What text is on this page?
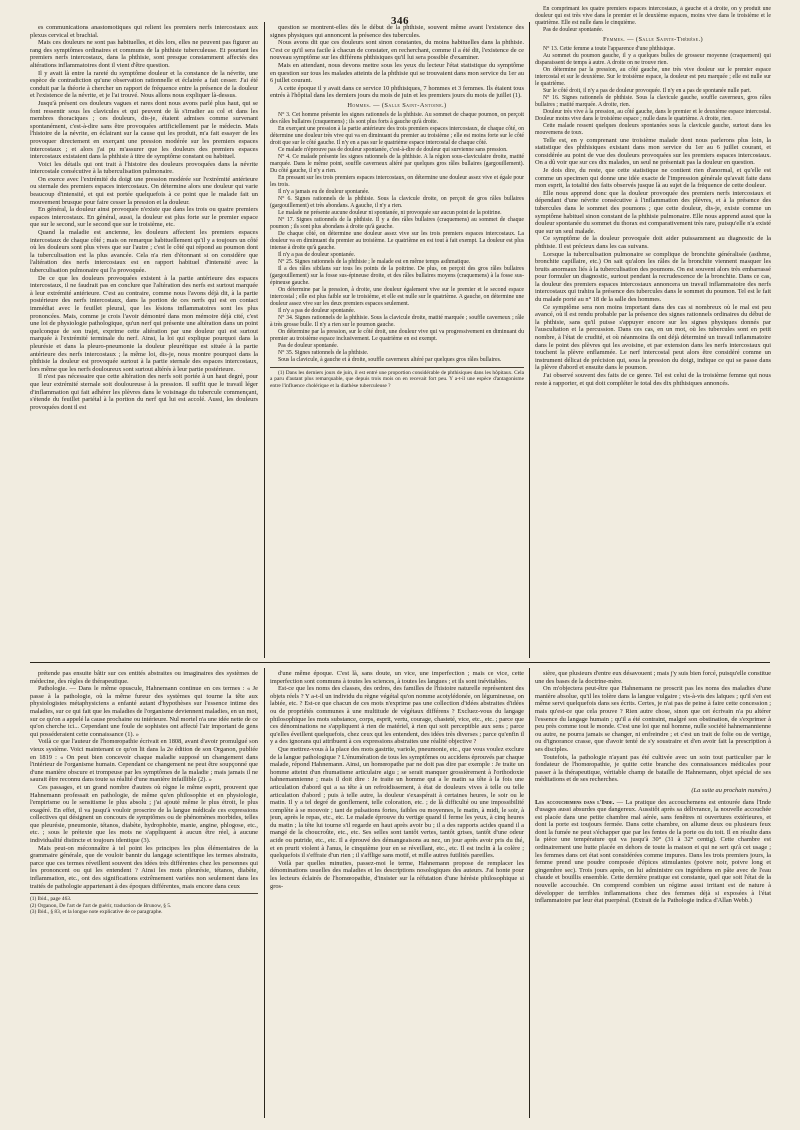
346

es communications anastomotiques qui relient les premiers nerfs intercostaux aux plexus cervical et brachial.

Mais ces douleurs ne sont pas habituelles, et dès lors, elles ne peuvent pas figurer au rang des symptômes ordinaires et communs de la phthisie tuberculeuse. Et pourtant les premiers nerfs intercostaux, dans la phthisie, sont presque constamment affectés des altérations inflammatoires dont il vient d'être question.

Il y avait là entre la rareté du symptôme douleur et la constance de la névrite, une espèce de contradiction qu'une observation rationnelle et éclairée a fait cesser. J'ai été conduit par la théorie à chercher un rapport de fréquence entre la présence de la douleur et l'existence de la névrite, et je l'ai trouvé. Nous allons nous expliquer là-dessus.

Jusqu'à présent ces douleurs vagues et rares dont nous avons parlé plus haut, qui se font ressentir sous les clavicules et qui peuvent de là s'irradier au col et dans les membres thoraciques ; ces douleurs, dis-je, étaient admises comme survenant spontanément, c'est-à-dire sans être provoquées artificiellement par le médecin. Mais l'histoire de la névrite, en éclairant sur la cause qui les produit, m'a fait essayer de les provoquer directement en exerçant une pression modérée sur les premiers espaces intercostaux ; et alors j'ai pu m'assurer que les douleurs des premiers espaces intercostaux existaient dans la phthisie à titre de symptôme constant ou habituel.

Voici les détails qui ont trait à l'histoire des douleurs provoquées dans la névrite intercostale consécutive à la tuberculisation pulmonaire.

On exerce avec l'extrémité du doigt une pression modérée sur l'extrémité antérieure ou sternale des premiers espaces intercostaux. On détermine alors une douleur qui varie beaucoup d'intensité, et qui est portée quelquefois à ce point que le malade fait un mouvement brusque pour faire cesser la pression et la douleur.

En général, la douleur ainsi provoquée n'existe que dans les trois ou quatre premiers espaces intercostaux. En général, aussi, la douleur est plus forte sur le premier espace que sur le second, sur le second que sur le troisième, etc.

Quand la maladie est ancienne, les douleurs affectent les premiers espaces intercostaux de chaque côté ; mais on remarque habituellement qu'il y a toujours un côté où les douleurs sont plus vives que sur l'autre ; c'est le côté qui répond au poumon dont la tuberculisation est la plus avancée. Cela n'a rien d'étonnant si on considère que l'altération des nerfs intercostaux est en rapport habituel d'intensité avec la tuberculisation pulmonaire qui l'a provoquée.

De ce que les douleurs provoquées existent à la partie antérieure des espaces intercostaux, il ne faudrait pas en conclure que l'altération des nerfs est surtout marquée à leur extrémité antérieure. C'est au contraire, comme nous l'avons déjà dit, à la partie postérieure des nerfs intercostaux, dans la portion de ces nerfs qui est en contact immédiat avec le feuillet pleural, que les lésions inflammatoires sont les plus prononcées. Mais, comme je crois l'avoir démontré dans mon mémoire déjà cité, c'est une loi de physiologie pathologique, qu'un nerf qui présente une altération dans un point quelconque de son trajet, exprime cette altération par une douleur qui est surtout marquée à l'extrémité terminale du nerf. Ainsi, la loi qui explique pourquoi dans la pleurésie et dans la pleuro-pneumonie la douleur pleurétique est située à la partie antérieure des nerfs intercostaux ; la même loi, dis-je, nous montre pourquoi dans la phthisie la douleur est provoquée surtout à la partie sternale des espaces intercostaux, lors même que les nerfs douloureux sont surtout altérés à leur partie postérieure.

Il n'est pas nécessaire que cette altération des nerfs soit portée à un haut degré, pour que leur extrémité sternale soit douloureuse à la pression. Il suffit que le travail léger d'inflammation qui fait adhérer les plèvres dans le voisinage du tubercule commençant, s'étende du feuillet pariétal à la portion du nerf qui lui est accolé. Aussi, les douleurs provoquées dont il est

question se montrent-elles dès le début de la phthisie, souvent même avant l'existence des signes physiques qui annoncent la présence des tubercules.

Nous avons dit que ces douleurs sont sinon constantes, du moins habituelles dans la phthisie. C'est ce qu'il sera facile à chacun de constater, en recherchant, comme il a été dit, l'existence de ce nouveau symptôme sur les différens phthisiques qu'il lui sera possible d'examiner.

Mais en attendant, nous devons mettre sous les yeux du lecteur l'état statistique du symptôme en question sur tous les malades atteints de la phthisie qui se trouvaient dans mon service du 1er au 6 juillet courant.

A cette époque il y avait dans ce service 10 phthisiques, 7 hommes et 3 femmes. Ils étaient tous entrés à l'hôpital dans les derniers jours du mois de juin et les premiers jours du mois de juillet (1).

Hommes. — (Salle Saint-Antoine.)

N° 3. Cet homme présente les signes rationnels de la phthisie. Au sommet de chaque poumon, on perçoit des râles bullaires (craquemens) ; ils sont plus forts à gauche qu'à droite.

En exerçant une pression à la partie antérieure des trois premiers espaces intercostaux, de chaque côté, on détermine une douleur très vive qui va en diminuant du premier au troisième ; elle est moins forte sur le côté droit que sur le côté gauche. Il n'y en a pas sur le quatrième espace intercostal de chaque côté.

Ce malade n'éprouve pas de douleur spontanée, c'est-à-dire de douleur qui survienne sans pression.

N° 4. Ce malade présente les signes rationnels de la phthisie. A la région sous-claviculaire droite, matité marquée. Dans le même point, souffle caverneux altéré par quelques gros râles bullaires (gargouillement). Du côté gauche, il n'y a rien.

En pressant sur les trois premiers espaces intercostaux, on détermine une douleur assez vive et égale pour les trois.

Il n'y a jamais eu de douleur spontanée.

N° 6. Signes rationnels de la phthisie. Sous la clavicule droite, on perçoit de gros râles bullaires (gargouillement) et très abondans. A gauche, il n'y a rien.

Le malade ne présente aucune douleur ni spontanée, ni provoquée sur aucun point de la poitrine.

N° 17. Signes rationnels de la phthisie. Il y a des râles bullaires (craquemens) au sommet de chaque poumon ; ils sont plus abondans à droite qu'à gauche.

De chaque côté, on détermine une douleur assez vive sur les trois premiers espaces intercostaux. La douleur va en diminuant du premier au troisième. Le quatrième en est tout à fait exempt. La douleur est plus intense à droite qu'à gauche.

Il n'y a pas de douleur spontanée.

N° 25. Signes rationnels de la phthisie ; le malade est en même temps asthmatique.

Il a des râles sibilans sur tous les points de la poitrine. De plus, on perçoit des gros râles bullaires (gargouillement) sur la fosse sus-épineuse droite, et des râles bullaires moyens (craquemens) à la fosse sus-épineuse gauche.

On détermine par la pression, à droite, une douleur également vive sur le premier et le second espace intercostal ; elle est plus faible sur le troisième, et elle est nulle sur le quatrième. A gauche, on détermine une douleur assez vive sur les deux premiers espaces seulement.

Il n'y a pas de douleur spontanée.

N° 34. Signes rationnels de la phthisie. Sous la clavicule droite, matité marquée ; souffle caverneux ; râle à très grosse bulle. Il n'y a rien sur le poumon gauche.

On détermine par la pression, sur le côté droit, une douleur vive qui va progressivement en diminuant du premier au troisième espace inclusivement. Le quatrième en est exempt.

Pas de douleur spontanée.

N° 35. Signes rationnels de la phthisie.

Sous la clavicule, à gauche et à droite, souffle caverneux altéré par quelques gros râles bullaires.

(1) Dans les derniers jours de juin, il est entré une proportion considérable de phthisiques dans les hôpitaux. Cela a paru d'autant plus remarquable, que depuis trois mois on en recevait fort peu. Y a-t-il une espèce d'antagonisme entre l'influence cholérique et la diathèse tuberculeuse ?

En comprimant les quatre premiers espaces intercostaux, à gauche et à droite, on y produit une douleur qui est très vive dans le premier et le deuxième espaces, moins vive dans le troisième et le quatrième. Elle est nulle dans le cinquième.

Pas de douleur spontanée.

Femmes. — (Salle Sainte-Thérèse.)

N° 13. Cette femme a toute l'apparence d'une phthisique.

Au sommet du poumon gauche, il y a quelques bulles de grosseur moyenne (craquement) qui disparaissent de temps à autre. A droite on ne trouve rien.

On détermine par la pression, au côté gauche, une très vive douleur sur le premier espace intercostal et sur le deuxième. Sur le troisième espace, la douleur est peu marquée ; elle est nulle sur le quatrième.

Sur le côté droit, il n'y a pas de douleur provoquée. Il n'y en a pas de spontanée nulle part.

N° 16. Signes rationnels de phthisie. Sous la clavicule gauche, souffle caverneux, gros râles bullaires ; matité marquée. A droite, rien.

Douleur très vive à la pression, au côté gauche, dans le premier et le deuxième espace intercostal. Douleur moins vive dans le troisième espace ; nulle dans le quatrième. A droite, rien.

Cette malade ressent quelques douleurs spontanées sous la clavicule gauche, surtout dans les mouvemens de toux.

Telle est, en y comprenant une troisième malade dont nous parlerons plus loin, la statistique des phthisiques existant dans mon service du 1er au 6 juillet courant, et considérée au point de vue des douleurs provoquées sur les premiers espaces intercostaux. On a dû voir que sur ces dix malades, un seul ne présentait pas la douleur en question.

Je dois dire, du reste, que cette statistique ne contient rien d'anormal, et qu'elle est comme un specimen qui donne une idée exacte de l'impression générale qu'avait faite dans mon esprit, la totalité des faits observés jusque là au sujet de la fréquence de cette douleur.

Elle nous apprend donc que la douleur provoquée des premiers nerfs intercostaux et dépendant d'une névrite consécutive à l'inflammation des plèvres, et à la présence des tubercules dans le sommet des poumons ; que cette douleur, dis-je, existe comme un symptôme habituel sinon constant de la phthisie pulmonaire. Elle nous apprend aussi que la douleur spontanée du sommet du thorax est comparativement très rare, puisqu'elle n'a existé que sur un seul malade.

Ce symptôme de la douleur provoquée doit aider puissamment au diagnostic de la phthisie. Il est précieux dans les cas suivans.

Lorsque la tuberculisation pulmonaire se complique de bronchite généralisée (asthme, bronchite capillaire, etc.) On sait qu'alors les râles de la bronchite viennent masquer les bruits anormaux liés à la tuberculisation des poumons. On est souvent alors très embarrassé pour formuler un diagnostic, surtout pendant la recrudescence de la bronchite. Dans ce cas, la douleur des premiers espaces intercostaux annoncera un travail inflammatoire des nerfs intercostaux qui trahira la présence des tubercules dans le sommet du poumon. Tel est le fait du malade porté au n° 18 de la salle des hommes.

Ce symptôme sera non moins important dans des cas si nombreux où le mal est peu avancé, où il est rendu probable par la présence des signes rationnels ordinaires du début de la phthisie, sans qu'il puisse s'appuyer encore sur les signes physiques donnés par l'auscultation et la percussion. Dans ces cas, en un mot, où les tubercules sont en petit nombre, à l'état de crudité, et où néanmoins ils ont déjà déterminé un travail inflammatoire dans le point des plèvres qui les avoisine, et par extension dans les nerfs intercostaux qui touchent la plèvre enflammée. Le nerf intercostal peut alors être considéré comme un instrument délicat de précision qui, sous la pression du doigt, indique ce qui se passe dans la plèvre d'abord et ensuite dans le poumon.

J'ai observé souvent des faits de ce genre. Tel est celui de la troisième femme qui nous reste à rapporter, et qui doit compléter le total des dix phthisiques annoncés.

prétende pas ensuite bâtir sur ces entités abstraites ou imaginaires des systèmes de médecine, des règles de thérapeutique.

Pathologie. — Dans le même opuscule, Hahnemann continue en ces termes : « Je passe à la pathologie, où la même fureur des systèmes qui tourne la tête aux physiologistes métaphysiciens a enfanté autant d'hypothèses sur l'essence intime des maladies, sur ce qui fait que les maladies de l'organisme deviennent maladies, en un mot, sur ce qu'on a appelé la cause prochaine ou intérieure. Nul mortel n'a une idée nette de ce qu'on cherche ici... Cependant une foule de sophistes ont affecté l'air important de gens qui posséderaient cette connaissance (1). »

Voilà ce que l'auteur de l'homœopathie écrivait en 1808, avant d'avoir promulgué son vieux système. Voici maintenant ce qu'on lit dans la 2e édition de son Organon, publiée en 1819 : « On peut bien concevoir chaque maladie supposé un changement dans l'intérieur de l'organisme humain. Cependant ce changement ne peut être soupçonné que d'une manière obscure et trompeuse par les symptômes de la maladie ; mais jamais il ne saurait être reconnu dans toute sa réalité d'une manière infaillible (2). »

Ces passages, et un grand nombre d'autres où règne le même esprit, prouvent que Hahnemann professait en pathologie, de même qu'en philosophie et en physiologie, l'empirisme ou le sensitisme le plus absolu ; j'ai ajouté même le plus étroit, le plus exagéré. En effet, il va jusqu'à vouloir proscrire de la langue médicale ces expressions collectives qui désignent un concours de symptômes ou de phénomènes morbides, telles que pleurésie, pneumonie, tétanos, diabète, hydrophobie, manie, angine, phlogose, etc., etc. ; sous le prétexte que les mots ne s'appliquent à aucun être réel, à aucune individualité distincte et toujours identique (3).

Mais peut-on méconnaître à tel point les principes les plus élémentaires de la grammaire générale, que de vouloir bannir du langage scientifique les termes abstraits, parce que ces termes réveillent souvent des idées très différentes chez les personnes qui les prononcent ou qui les entendent ? Ainsi les mots pleurésie, tétanos, diabète, inflammation, etc., ont des significations extrêmement variées non seulement dans les traités de pathologie appartenant à des époques différentes, mais encore dans ceux

(1) Ibid., page 463.
(2) Organon, De l'art de l'art de guérir, traduction de Brunow, § 5.
(3) Ibid., § 83, et la longue note explicative de ce paragraphe.

d'une même époque. C'est là, sans doute, un vice, une imperfection ; mais ce vice, cette imperfection sont communs à toutes les sciences, à toutes les langues ; et ils sont inévitables.

Est-ce que les noms des classes, des ordres, des familles de l'histoire naturelle représentent des objets réels ? Y a-t-il un individu du règne végétal qu'on nomme acotylédonée, on légumineuse, on labiée, etc. ? Est-ce que chacun de ces mots n'exprime pas une collection d'idées abstraites d'idées ou de propriétés communes à une multitude de végétaux différens ? Excluez-vous du langage philosophique les mots substance, corps, esprit, vertu, courage, chasteté, vice, etc., etc. ; parce que ces dénominations ne s'appliquent à rien de matériel, à rien qui soit perceptible aux sens ; parce qu'elles éveillent quelquefois, chez ceux qui les entendent, des idées très diverses ; parce qu'enfin il y a des ignorans qui attribuent à ces expressions abstraites une réalité objective ?

Que mettrez-vous à la place des mots gastrite, variole, pneumonie, etc., que vous voulez exclure de la langue pathologique ? L'énumération de tous les symptômes ou accidens éprouvés par chaque malade, répond Hahnemann. Ainsi, un homœopathe par ne doit pas dire par exemple : Je traite un homme atteint d'un rhumatisme articulaire aigu ; se serait manquer grossièrement à l'orthodoxie hahnemannienne ; mais il doit dire : Je traite un homme qui a le matin sa tête à la fois une articulation d'abord qui a sa tête à un refroidissement, à état de douleurs vives à telle ou telle articulation d'abord ; puis à telle autre, la douleur s'exaspérait à certaines heures, le soir ou le matin. Il y a tel degré de gonflement, telle coloration, etc. ; de là difficulté ou une impossibilité complète à se mouvoir ; tant de pulsations fortes, faibles ou moyennes, le matin, à midi, le soir, à jeun, après le repas, etc., etc. Le malade éprouve du vertige quand il ferme les yeux, à cinq heures du matin ; la tête lui tourne s'il regarde en haut après avoir bu ; il a des rapports acides quand il a mangé de la choucroûte, etc., etc. Ses selles sont tantôt vertes, tantôt grises, tantôt d'une odeur acide ou putride, etc., etc. Il a éprouvé des démangeaisons au nez, un jour après avoir pris du thé, et en prurit violent à l'anus, le cinquième jour en se réveillant, etc., etc. Il est inclin à la colère ; quelquefois il s'effraie d'un rien ; il s'afflige sans motif, et mille autres futilités pareilles.

Voilà par quelles minuties, passez-moi le terme, Hahnemann propose de remplacer les dénominations usuelles des maladies et les descriptions nosologiques des auteurs. J'ai honte pour les lecteurs éclairés de l'homœopathie, d'insister sur la réfutation d'une hérésie philosophique si gros-

sière, que plusieurs d'entre eux désavouent ; mais j'y suis bien forcé, puisqu'elle constitue une des bases de la doctrine-mère.

On m'objectera peut-être que Hahnemann ne proscrit pas les noms des maladies d'une manière absolue, qu'il les tolère dans la langue vulgaire ; vis-à-vis des laïques ; qu'il s'en est même servi quelquefois dans ses écrits. Certes, je n'ai pas de peine à faire cette concession ; mais qu'est-ce que cela prouve ? Rien autre chose, sinon que cet écrivain n'a pu altérer l'essence du langage humain ; qu'il a été contraint, malgré son obstination, de s'exprimer à peu près comme tout le monde. C'est une loi que nul homme, nulle société hahnemannienne ou autre, ne pourra jamais se changer, ni enfreindre ; et c'est un trait de folie ou de vertige, ou d'ignorance crasse, que d'avoir tenté de s'y soustraire et d'en avoir fait la prescription à ses disciples.

Toutefois, la pathologie n'ayant pas été cultivée avec un soin tout particulier par le fondateur de l'homœopathie, je quitte cette branche des connaissances médicales pour passer à la thérapeutique, véritable champ de bataille de Hahnemann, objet spécial de ses méditations et de ses recherches.

(La suite au prochain numéro.)

Les accouchemens dans l'Inde. — La pratique des accouchemens est entourée dans l'Inde d'usages aussi absurdes que dangereux. Aussitôt après sa délivrance, la nouvelle accouchée est placée dans une petite chambre mal aérée, sans fenêtres ni ouvertures extérieures, et dont la porte est toujours fermée. Dans cette chambre, on allume deux ou plusieurs feux dont la fumée ne peut s'échapper que par les fentes de la porte ou du toit. Il en résulte dans la pièce une température qui va jusqu'à 30° (31 à 32° centig). Cette chambre est ordinairement une hutte placée en dehors de toute la maison et qui ne sert qu'à cet usage ; les femmes dans cet état sont considérées comme impures. Dans les trois premiers jours, la femme prend une poudre composée d'épices stimulantes (poivre noir, poivre long et gingembre sec). Trois jours après, on lui administre ces ingrédiens en pâte avec de l'eau chaude et bouillis ensemble. Cette dernière pratique est constante, quel que soit l'état de la nouvelle accouchée. On comprend combien un régime aussi irritant est de nature à développer de terribles inflammations chez des femmes déjà si exposées à l'état inflammatoire par leur état puerpéral. (Extrait de la Pathologie indica d'Allan Webb.)
